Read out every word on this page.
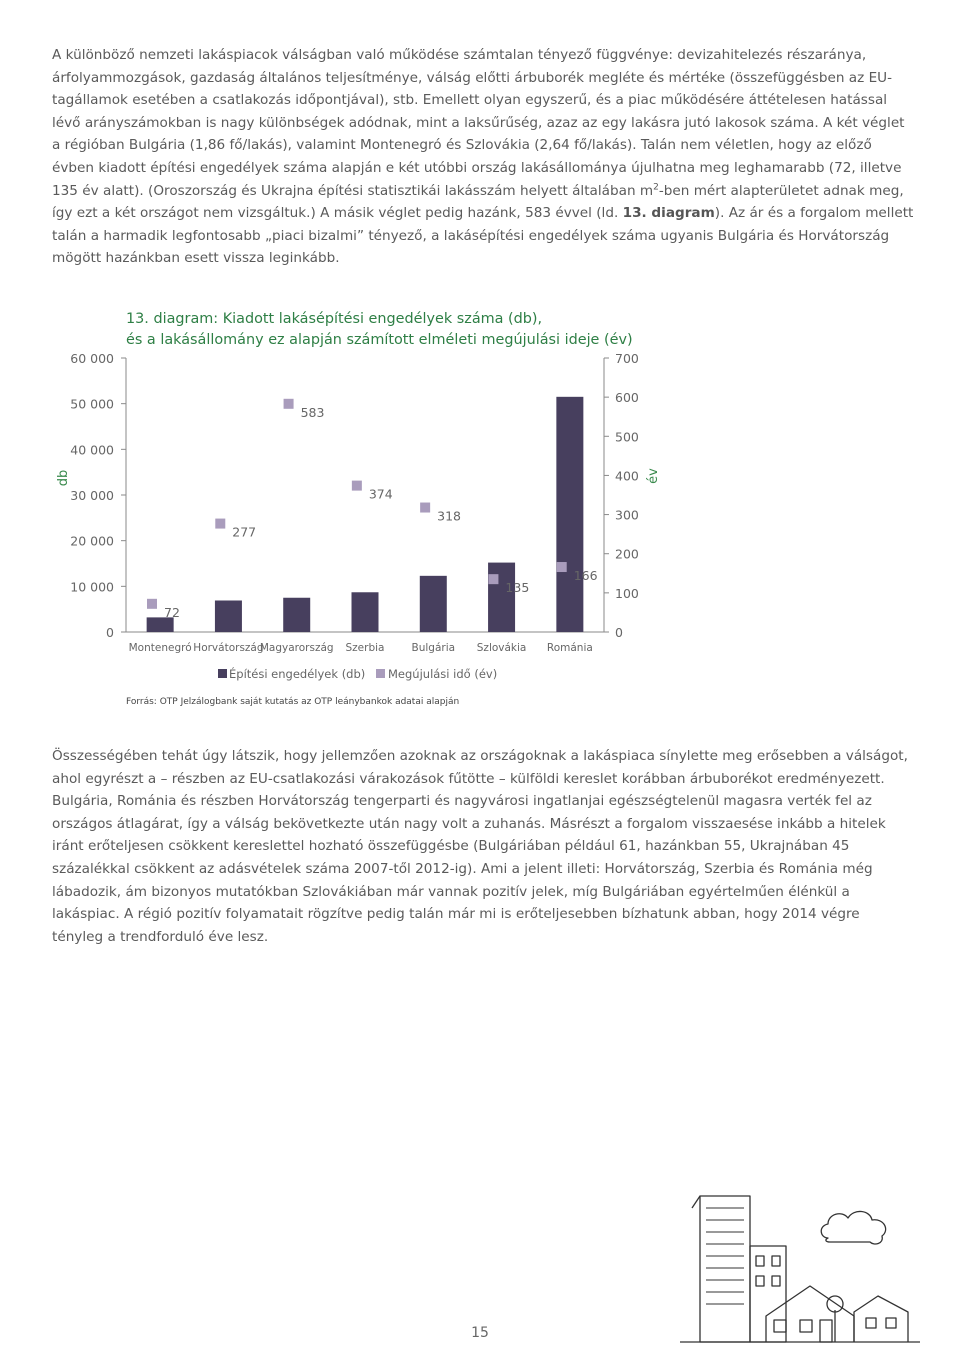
A különböző nemzeti lakáspiacok válságban való működése számtalan tényező függvénye: devizahitelezés részaránya, árfolyammozgások, gazdaság általános teljesítménye, válság előtti árbuborék megléte és mértéke (összefüggésben az EU-tagállamok esetében a csatlakozás időpontjával), stb. Emellett olyan egyszerű, és a piac működésére áttételesen hatással lévő arányszámokban is nagy különbségek adódnak, mint a laksűrűség, azaz az egy lakásra jutó lakosok száma. A két véglet a régióban Bulgária (1,86 fő/lakás), valamint Montenegró és Szlovákia (2,64 fő/lakás). Talán nem véletlen, hogy az előző évben kiadott építési engedélyek száma alapján e két utóbbi ország lakásállománya újulhatna meg leghamarabb (72, illetve 135 év alatt). (Oroszország és Ukrajna építési statisztikái lakásszám helyett általában $m^2$-ben mért alapterületet adnak meg, így ezt a két országot nem vizsgáltuk.) A másik véglet pedig hazánk, 583 évvel (ld. 13. diagram). Az ár és a forgalom mellett talán a harmadik legfontosabb „piaci bizalmi” tényező, a lakásépítési engedélyek száma ugyanis Bulgária és Horvátország mögött hazánkban esett vissza leginkább.

13. diagram: Kiadott lakásépítési engedélyek száma (db),
és a lakásállomány ez alapján számított elméleti megújulási ideje (év)
0
10 000
20 000
30 000
40 000
50 000
60 000
0
100
200
300
400
500
600
700
db	év
72
Montenegró
277
Horvátország
583
Magyarország
374
Szerbia
318
Bulgária
135
Szlovákia
166
Románia
Építési engedélyek (db) Megújulási idő (év)
Forrás: OTP Jelzálogbank saját kutatás az OTP leánybankok adatai alapján

Összességében tehát úgy látszik, hogy jellemzően azoknak az országoknak a lakáspiaca sínylette meg erősebben a válságot, ahol egyrészt a – részben az EU-csatlakozási várakozások fűtötte – külföldi kereslet korábban árbuborékot eredményezett. Bulgária, Románia és részben Horvátország tengerparti és nagyvárosi ingatlanjai egészségtelenül magasra verték fel az országos átlagárat, így a válság bekövetkezte után nagy volt a zuhanás. Másrészt a forgalom visszaesése inkább a hitelek iránt erőteljesen csökkent kereslettel hozható összefüggésbe (Bulgáriában például 61, hazánkban 55, Ukrajnában 45 százalékkal csökkent az adásvételek száma 2007-től 2012-ig). Ami a jelent illeti: Horvátország, Szerbia és Románia még lábadozik, ám bizonyos mutatókban Szlovákiában már vannak pozitív jelek, míg Bulgáriában egyértelműen élénkül a lakáspiac. A régió pozitív folyamatait rögzítve pedig talán már mi is erőteljesebben bízhatunk abban, hogy 2014 végre tényleg a trendforduló éve lesz.

15
